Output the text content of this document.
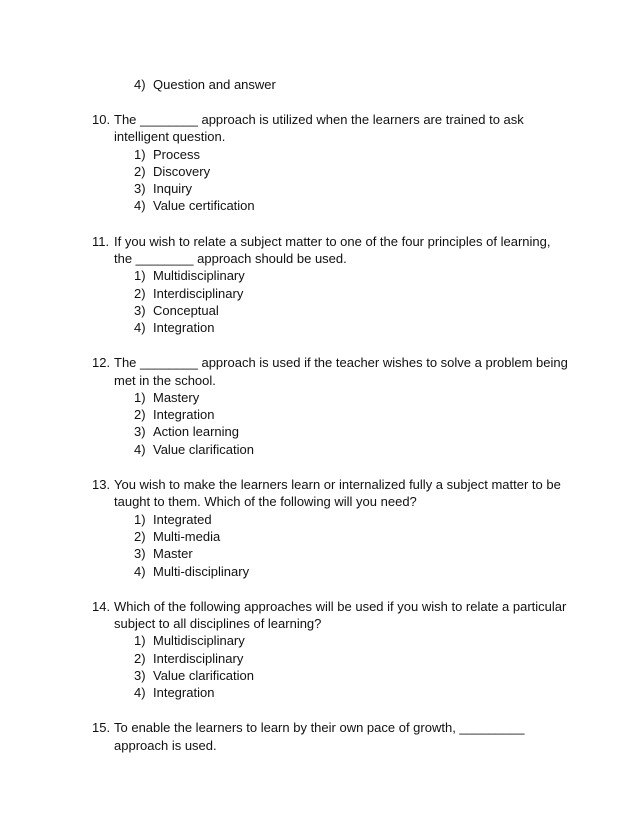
4) Question and answer
10. The ________ approach is utilized when the learners are trained to ask
intelligent question.
1) Process
2) Discovery
3) Inquiry
4) Value certification
11. If you wish to relate a subject matter to one of the four principles of learning,
the ________ approach should be used.
1) Multidisciplinary
2) Interdisciplinary
3) Conceptual
4) Integration
12. The ________ approach is used if the teacher wishes to solve a problem being
met in the school.
1) Mastery
2) Integration
3) Action learning
4) Value clarification
13. You wish to make the learners learn or internalized fully a subject matter to be
taught to them. Which of the following will you need?
1) Integrated
2) Multi-media
3) Master
4) Multi-disciplinary
14. Which of the following approaches will be used if you wish to relate a particular
subject to all disciplines of learning?
1) Multidisciplinary
2) Interdisciplinary
3) Value clarification
4) Integration
15. To enable the learners to learn by their own pace of growth, _________
approach is used.
